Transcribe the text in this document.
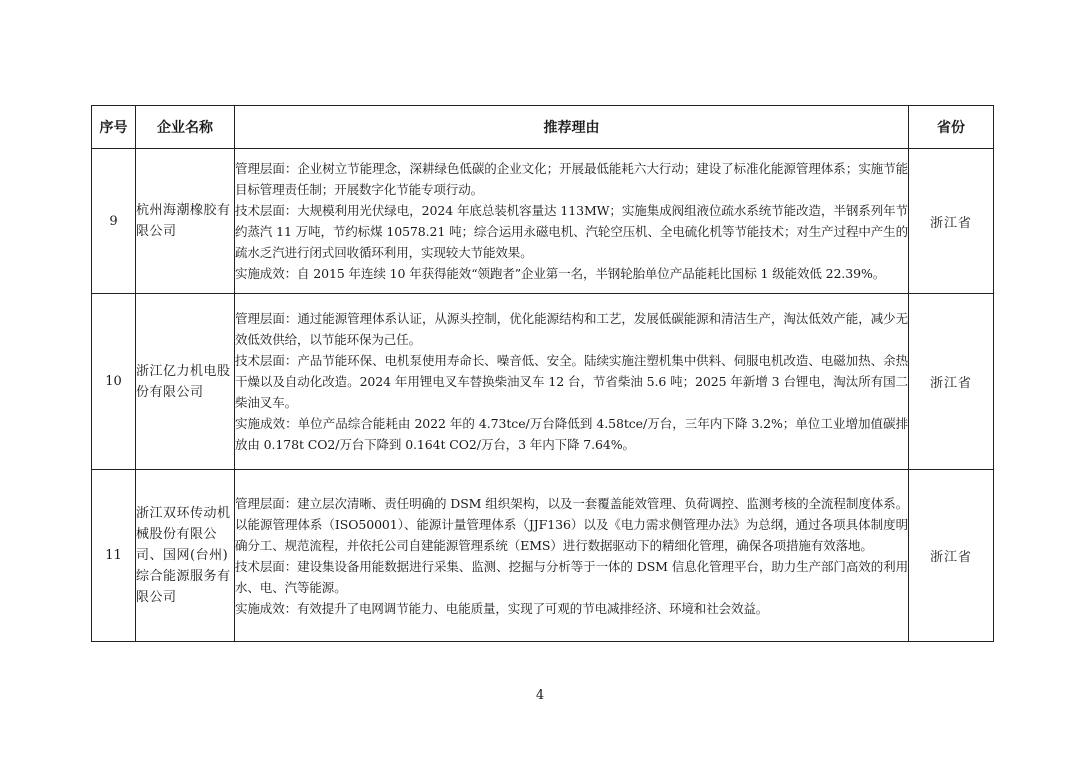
序号	企业名称	推荐理由	省份
9	杭州海潮橡胶有限公司	管理层面：企业树立节能理念，深耕绿色低碳的企业文化；开展最低能耗六大行动；建设了标准化能源管理体系；实施节能目标管理责任制；开展数字化节能专项行动。
技术层面：大规模利用光伏绿电，2024 年底总装机容量达 113MW；实施集成阀组液位疏水系统节能改造，半钢系列年节约蒸汽 11 万吨，节约标煤 10578.21 吨；综合运用永磁电机、汽轮空压机、全电硫化机等节能技术；对生产过程中产生的疏水乏汽进行闭式回收循环利用，实现较大节能效果。
实施成效：自 2015 年连续 10 年获得能效“领跑者”企业第一名，半钢轮胎单位产品能耗比国标 1 级能效低 22.39%。	浙江省
10	浙江亿力机电股份有限公司	管理层面：通过能源管理体系认证，从源头控制，优化能源结构和工艺，发展低碳能源和清洁生产，淘汰低效产能，减少无效低效供给，以节能环保为己任。
技术层面：产品节能环保、电机泵使用寿命长、噪音低、安全。陆续实施注塑机集中供料、伺服电机改造、电磁加热、余热干燥以及自动化改造。2024 年用锂电叉车替换柴油叉车 12 台，节省柴油 5.6 吨；2025 年新增 3 台锂电，淘汰所有国二柴油叉车。
实施成效：单位产品综合能耗由 2022 年的 4.73tce/万台降低到 4.58tce/万台，三年内下降 3.2%；单位工业增加值碳排放由 0.178t CO2/万台下降到 0.164t CO2/万台，3 年内下降 7.64%。	浙江省
11	浙江双环传动机械股份有限公司、国网(台州)综合能源服务有限公司	管理层面：建立层次清晰、责任明确的 DSM 组织架构，以及一套覆盖能效管理、负荷调控、监测考核的全流程制度体系。以能源管理体系（ISO50001）、能源计量管理体系（JJF136）以及《电力需求侧管理办法》为总纲，通过各项具体制度明确分工、规范流程，并依托公司自建能源管理系统（EMS）进行数据驱动下的精细化管理，确保各项措施有效落地。
技术层面：建设集设备用能数据进行采集、监测、挖掘与分析等于一体的 DSM 信息化管理平台，助力生产部门高效的利用水、电、汽等能源。
实施成效：有效提升了电网调节能力、电能质量，实现了可观的节电减排经济、环境和社会效益。	浙江省
4
